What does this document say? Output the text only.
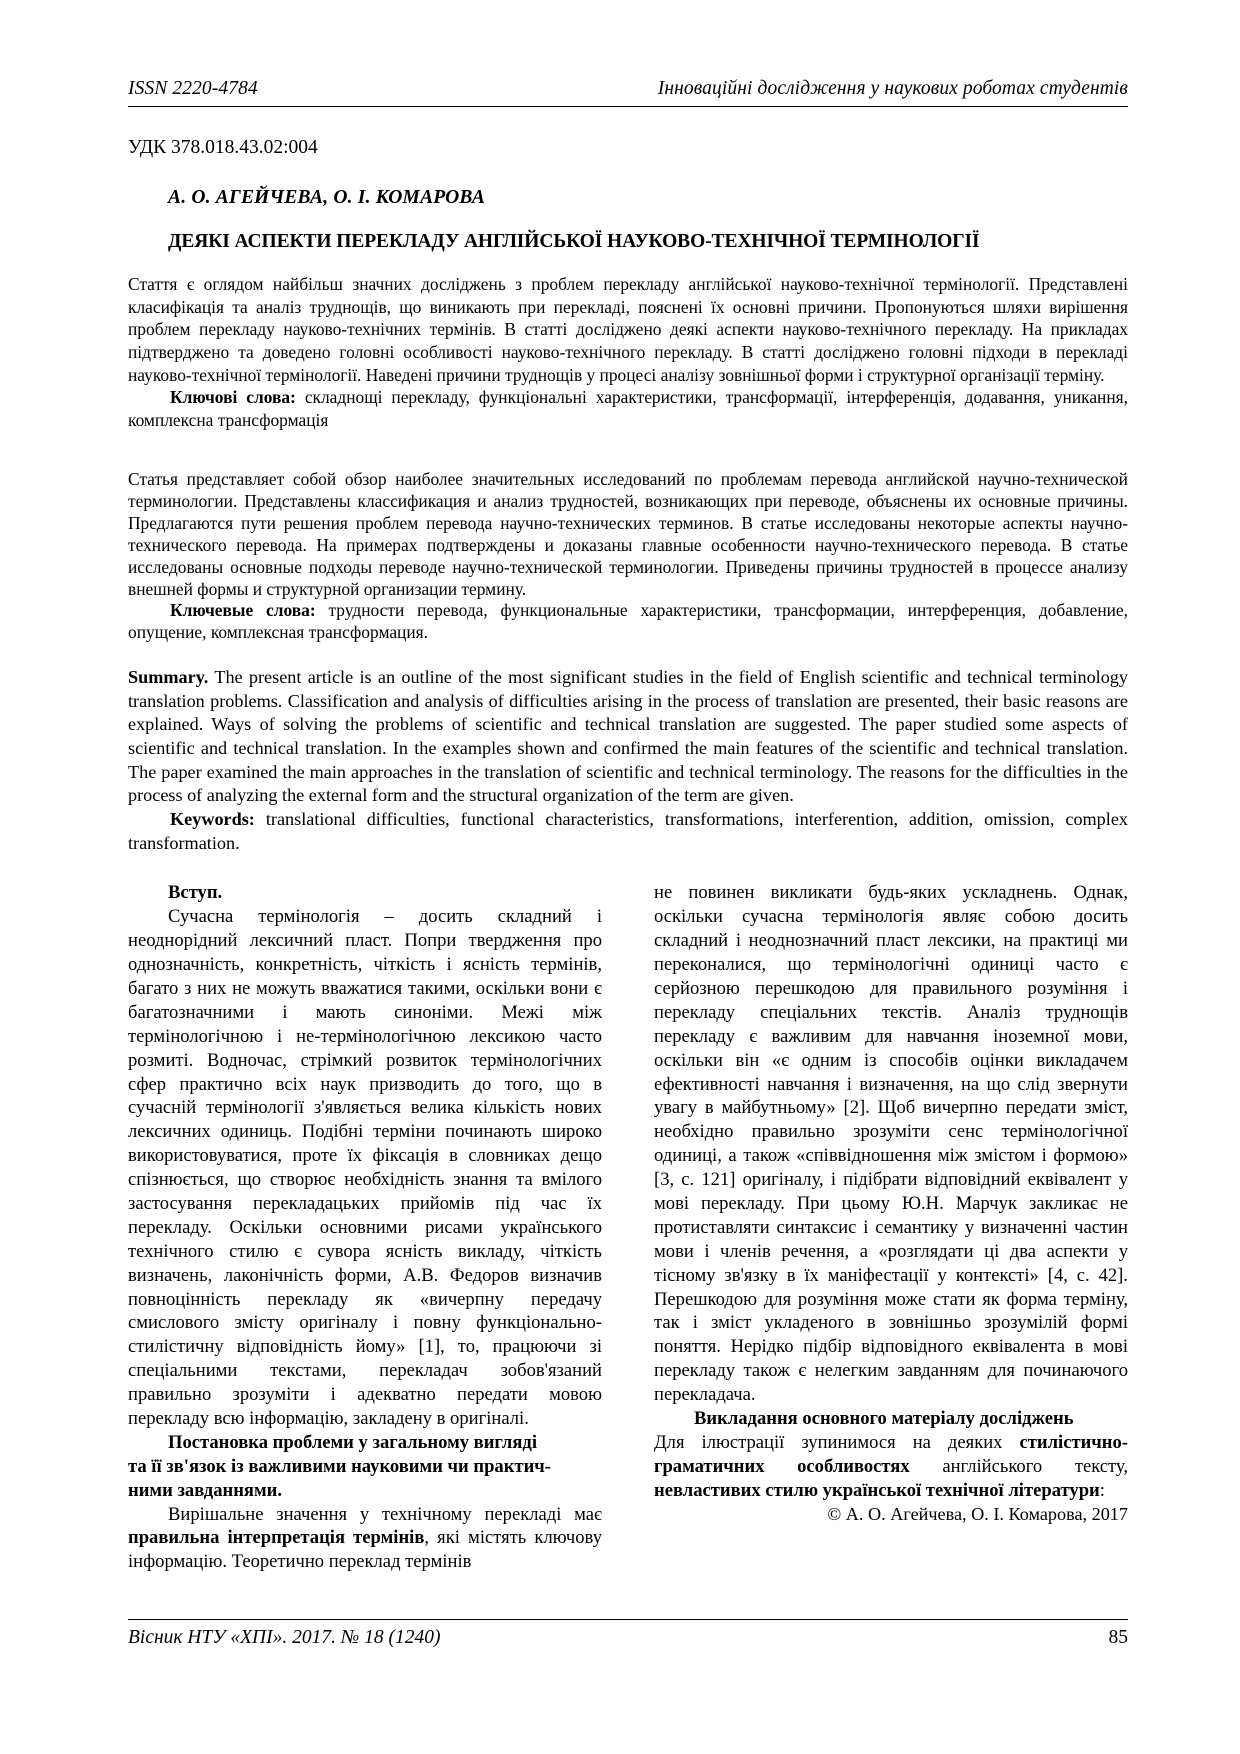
ISSN 2220-4784	Інноваційні дослідження у наукових роботах студентів
УДК 378.018.43.02:004
А. О. АГЕЙЧЕВА, О. І. КОМАРОВА
ДЕЯКІ АСПЕКТИ ПЕРЕКЛАДУ АНГЛІЙСЬКОЇ НАУКОВО-ТЕХНІЧНОЇ ТЕРМІНОЛОГІЇ

Стаття є оглядом найбільш значних досліджень з проблем перекладу англійської науково-технічної термінології. Представлені класифікація та аналіз труднощів, що виникають при перекладі, пояснені їх основні причини. Пропонуються шляхи вирішення проблем перекладу науково-технічних термінів. В статті досліджено деякі аспекти науково-технічного перекладу. На прикладах підтверджено та доведено головні особливості науково-технічного перекладу. В статті досліджено головні підходи в перекладі науково-технічної термінології. Наведені причини труднощів у процесі аналізу зовнішньої форми і структурної організації терміну.

Ключові слова: складнощі перекладу, функціональні характеристики, трансформації, інтерференція, додавання, уникання, комплексна трансформація

Статья представляет собой обзор наиболее значительных исследований по проблемам перевода английской научно-технической терминологии. Представлены классификация и анализ трудностей, возникающих при переводе, объяснены их основные причины. Предлагаются пути решения проблем перевода научно-технических терминов. В статье исследованы некоторые аспекты научно-технического перевода. На примерах подтверждены и доказаны главные особенности научно-технического перевода. В статье исследованы основные подходы переводе научно-технической терминологии. Приведены причины трудностей в процессе анализу внешней формы и структурной организации термину.

Ключевые слова: трудности перевода, функциональные характеристики, трансформации, интерференция, добавление, опущение, комплексная трансформация.

Summary. The present article is an outline of the most significant studies in the field of English scientific and technical terminology translation problems. Classification and analysis of difficulties arising in the process of translation are presented, their basic reasons are explained. Ways of solving the problems of scientific and technical translation are suggested. The paper studied some aspects of scientific and technical translation. In the examples shown and confirmed the main features of the scientific and technical translation. The paper examined the main approaches in the translation of scientific and technical terminology. The reasons for the difficulties in the process of analyzing the external form and the structural organization of the term are given.

Keywords: translational difficulties, functional characteristics, transformations, interferention, addition, omission, complex transformation.

Вступ.

Сучасна термінологія – досить складний і неоднорідний лексичний пласт. Попри твердження про однозначність, конкретність, чіткість і ясність термінів, багато з них не можуть вважатися такими, оскільки вони є багатозначними і мають синоніми. Межі між термінологічною і не-термінологічною лексикою часто розмиті. Водночас, стрімкий розвиток термінологічних сфер практично всіх наук призводить до того, що в сучасній термінології з'являється велика кількість нових лексичних одиниць. Подібні терміни починають широко використовуватися, проте їх фіксація в словниках дещо спізнюється, що створює необхідність знання та вмілого застосування перекладацьких прийомів під час їх перекладу. Оскільки основними рисами українського технічного стилю є сувора ясність викладу, чіткість визначень, лаконічність форми, А.В. Федоров визначив повноцінність перекладу як «вичерпну передачу смислового змісту оригіналу і повну функціонально-стилістичну відповідність йому» [1], то, працюючи зі спеціальними текстами, перекладач зобов'язаний правильно зрозуміти і адекватно передати мовою перекладу всю інформацію, закладену в оригіналі.

Постановка проблеми у загальному вигляді

та її зв'язок із важливими науковими чи практич-

ними завданнями.

Вирішальне значення у технічному перекладі має правильна інтерпретація термінів, які містять ключову інформацію. Теоретично переклад термінів

не повинен викликати будь-яких ускладнень. Однак, оскільки сучасна термінологія являє собою досить складний і неоднозначний пласт лексики, на практиці ми переконалися, що термінологічні одиниці часто є серйозною перешкодою для правильного розуміння і перекладу спеціальних текстів. Аналіз труднощів перекладу є важливим для навчання іноземної мови, оскільки він «є одним із способів оцінки викладачем ефективності навчання і визначення, на що слід звернути увагу в майбутньому» [2]. Щоб вичерпно передати зміст, необхідно правильно зрозуміти сенс термінологічної одиниці, а також «співвідношення між змістом і формою» [3, с. 121] оригіналу, і підібрати відповідний еквівалент у мові перекладу. При цьому Ю.Н. Марчук закликає не протиставляти синтаксис і семантику у визначенні частин мови і членів речення, а «розглядати ці два аспекти у тісному зв'язку в їх маніфестації у контексті» [4, с. 42]. Перешкодою для розуміння може стати як форма терміну, так і зміст укладеного в зовнішньо зрозумілій формі поняття. Нерідко підбір відповідного еквівалента в мові перекладу також є нелегким завданням для починаючого перекладача.

Викладання основного матеріалу досліджень

Для ілюстрації зупинимося на деяких стилістично-граматичних особливостях англійського тексту, невластивих стилю української технічної літератури:

© А. О. Агейчева, О. І. Комарова, 2017

Вісник НТУ «ХПІ». 2017. № 18 (1240)	85
